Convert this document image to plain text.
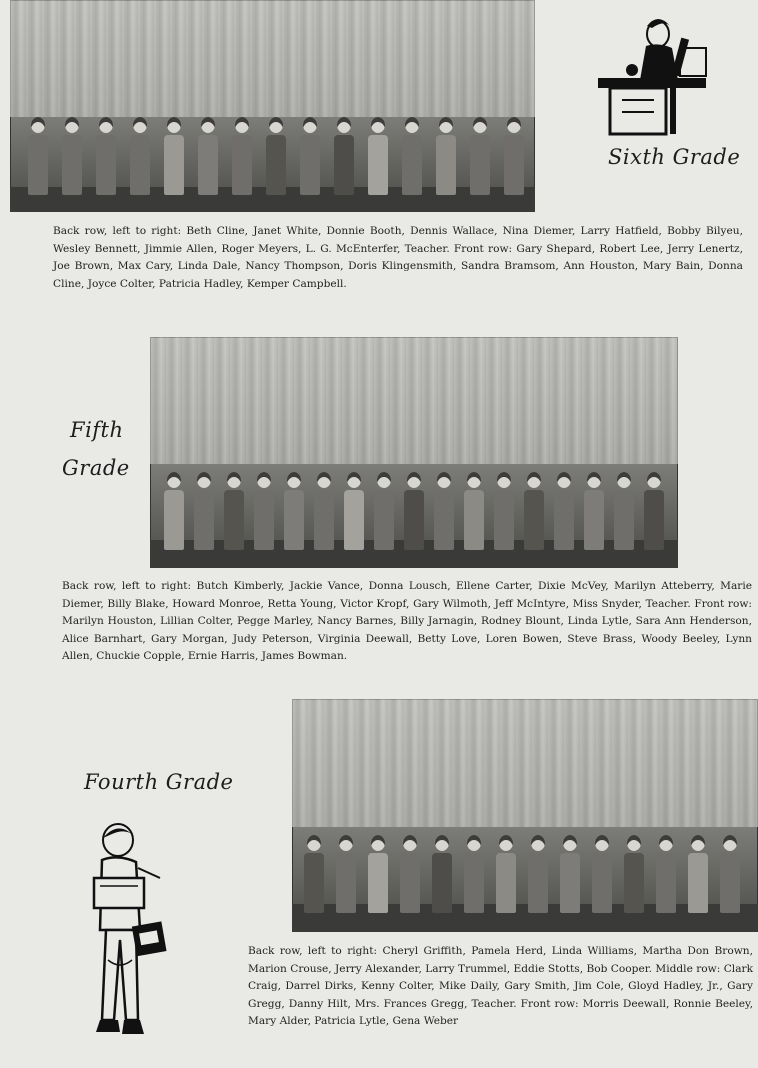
Sixth Grade
Back row, left to right: Beth Cline, Janet White, Donnie Booth, Dennis Wallace, Nina Diemer, Larry Hatfield, Bobby Bilyeu, Wesley Bennett, Jimmie Allen, Roger Meyers, L. G. McEnterfer, Teacher. Front row: Gary Shepard, Robert Lee, Jerry Lenertz, Joe Brown, Max Cary, Linda Dale, Nancy Thompson, Doris Klingensmith, Sandra Bramsom, Ann Houston, Mary Bain, Donna Cline, Joyce Colter, Patricia Hadley, Kemper Campbell.
Fifth
Grade
Back row, left to right: Butch Kimberly, Jackie Vance, Donna Lousch, Ellene Carter, Dixie McVey, Marilyn Atteberry, Marie Diemer, Billy Blake, Howard Monroe, Retta Young, Victor Kropf, Gary Wilmoth, Jeff McIntyre, Miss Snyder, Teacher. Front row: Marilyn Houston, Lillian Colter, Pegge Marley, Nancy Barnes, Billy Jarnagin, Rodney Blount, Linda Lytle, Sara Ann Henderson, Alice Barnhart, Gary Morgan, Judy Peterson, Virginia Deewall, Betty Love, Loren Bowen, Steve Brass, Woody Beeley, Lynn Allen, Chuckie Copple, Ernie Harris, James Bowman.
Fourth Grade
Back row, left to right: Cheryl Griffith, Pamela Herd, Linda Williams, Martha Don Brown, Marion Crouse, Jerry Alexander, Larry Trummel, Eddie Stotts, Bob Cooper. Middle row: Clark Craig, Darrel Dirks, Kenny Colter, Mike Daily, Gary Smith, Jim Cole, Gloyd Hadley, Jr., Gary Gregg, Danny Hilt, Mrs. Frances Gregg, Teacher. Front row: Morris Deewall, Ronnie Beeley, Mary Alder, Patricia Lytle, Gena Weber
